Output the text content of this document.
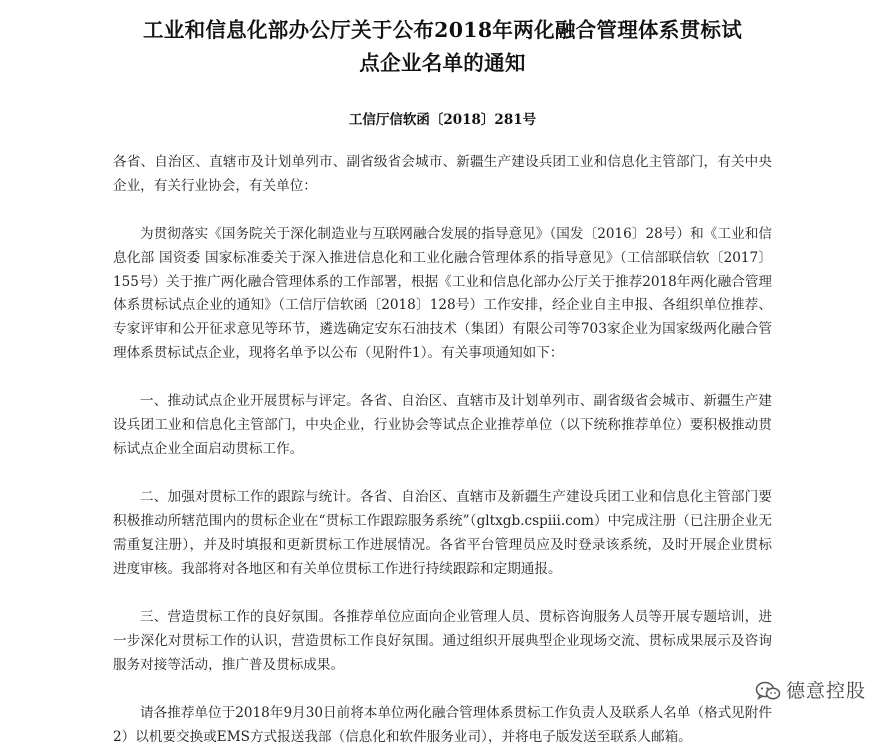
工业和信息化部办公厅关于公布2018年两化融合管理体系贯标试
点企业名单的通知
工信厅信软函〔2018〕281号

各省、自治区、直辖市及计划单列市、副省级省会城市、新疆生产建设兵团工业和信息化主管部门，有关中央企业，有关行业协会，有关单位：

为贯彻落实《国务院关于深化制造业与互联网融合发展的指导意见》（国发〔2016〕28号）和《工业和信息化部 国资委 国家标准委关于深入推进信息化和工业化融合管理体系的指导意见》（工信部联信软〔2017〕155号）关于推广两化融合管理体系的工作部署，根据《工业和信息化部办公厅关于推荐2018年两化融合管理体系贯标试点企业的通知》（工信厅信软函〔2018〕128号）工作安排，经企业自主申报、各组织单位推荐、专家评审和公开征求意见等环节，遴选确定安东石油技术（集团）有限公司等703家企业为国家级两化融合管理体系贯标试点企业，现将名单予以公布（见附件1）。有关事项通知如下：

一、推动试点企业开展贯标与评定。各省、自治区、直辖市及计划单列市、副省级省会城市、新疆生产建设兵团工业和信息化主管部门，中央企业，行业协会等试点企业推荐单位（以下统称推荐单位）要积极推动贯标试点企业全面启动贯标工作。

二、加强对贯标工作的跟踪与统计。各省、自治区、直辖市及新疆生产建设兵团工业和信息化主管部门要积极推动所辖范围内的贯标企业在“贯标工作跟踪服务系统”（gltxgb.cspiii.com）中完成注册（已注册企业无需重复注册），并及时填报和更新贯标工作进展情况。各省平台管理员应及时登录该系统，及时开展企业贯标进度审核。我部将对各地区和有关单位贯标工作进行持续跟踪和定期通报。

三、营造贯标工作的良好氛围。各推荐单位应面向企业管理人员、贯标咨询服务人员等开展专题培训，进一步深化对贯标工作的认识，营造贯标工作良好氛围。通过组织开展典型企业现场交流、贯标成果展示及咨询服务对接等活动，推广普及贯标成果。

请各推荐单位于2018年9月30日前将本单位两化融合管理体系贯标工作负责人及联系人名单（格式见附件2）以机要交换或EMS方式报送我部（信息化和软件服务业司），并将电子版发送至联系人邮箱。

德意控股
